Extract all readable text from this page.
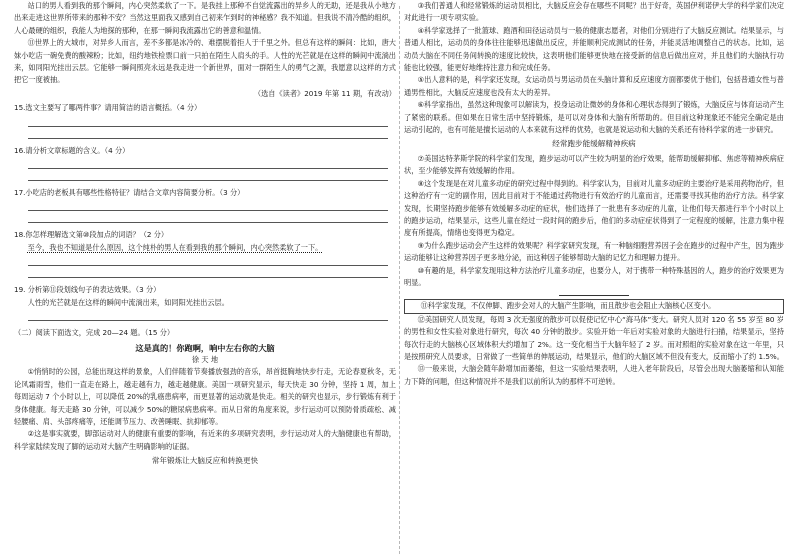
站口的男人看到我的那个瞬间，内心突然柔软了一下。是我挂上那种不自觉流露出的异乡人的无助，还是我从小地方出来走进这世界所带来的那种不安？当然这里面我又感到自己初来乍到时的神秘感？我不知道。但我说不清冷酷的组织，人心最硬的组织，我能人为地探的那种，在那一瞬间我流露出它的善意和温情。

⑪世界上的大城市，对异乡人而言，差不多都是冰冷的、难摆脱着拒人于千里之外。但总有这样的瞬间：比如，唐大妹小吃店一碗免费的酸辣粉；比如，纽约地铁检票口前一只拍在陌生人肩头的手。人性的光芒就是在这样的瞬间中流淌出来，如同阳光挂出云层。它能够一瞬间照亮永远是我走进一个新世界，面对一群陌生人的勇气之源，我愿意以这样的方式把它一度被抽。

（选自《读者》2019 年第 11 期，有改动）

15.选文主要写了哪两件事？请用简洁的语言概括。（4 分）

16.请分析文章标题的含义。（4 分）

17.小吃店的老板具有哪些性格特征？请结合文章内容简要分析。（3 分）

18.你怎样理解选文第⑩段加点的词语？（2 分）

至今，我也不知道是什么原因，这个纯朴的男人在看到我的那个瞬间，内心突然柔软了一下。

19. 分析第⑪段划线句子的表达效果。（3 分）

人性的光芒就是在这样的瞬间中流淌出来，如同阳光挂出云层。

（二）阅读下面选文，完成 20—24 题。（15 分）

这是真的！你跑啊，响中左右你的大脑

徐 天 地

①悄悄时的公园，总能出现这样的景象，人们伴随着节奏播放强劲的音乐，昂首挺胸地快步行走，无论春夏秋冬，无论风霜雨雪，他们一直走在路上，越走越有力，越走越健康。美国一项研究显示，每天快走 30 分钟，坚持 1 周，加上每周运动 7 个小时以上，可以降低 20%的乳癌患病率，而更显著的运动就是快走。相关的研究也显示，步行锻炼有利于身体健康。每天走路 30 分钟，可以减少 50%的糖尿病患病率。而从日常的角度来说，步行运动可以预防骨质疏松、减轻腰痛、肩、头部疼痛等，还能调节压力、改善睡眠、抗抑郁等。

②这是事实就要，脚部运动对人的健康有重要的影响，有近来的多项研究表明，步行运动对人的大脑健康也有帮助，科学家陆续发现了脚的运动对大脑产生明确影响的证据。

常年锻炼让大脑反应和转换更快

③我们普通人和经常锻炼的运动员相比，大脑反应会存在哪些不同呢？出于好奇，英国伊利诺伊大学的科学家们决定对此进行一项专项实验。

④科学家选择了一批篮球、跑酒和田径运动员与一般的健康志愿者，对他们分别进行了大脑反应测试。结果显示，与普通人相比，运动员的身体往往能够迅速做出反应，并能顺利完成测试的任务，并能灵活地调整自己的状态。比如，运动员大脑在不同任务间转换的速度比较快，这表明他们能够更快地在接受新的信息后做出应对，并且他们的大脑执行功能也比较强，能更好地维持注意力和完成任务。

⑤出人意料的是，科学家还发现，女运动员与男运动员在头脑计算和反应速度方面都要优于他们，包括普通女性与普通男性相比，大脑反应速度也没有太大的差异。

⑥科学家指出，虽然这种现象可以解读为，投身运动让微妙的身体和心理状态得到了锻炼，大脑反应与体育运动产生了紧密的联系。但如果在日常生活中坚持锻炼，是可以对身体和大脑有所帮助的。但目前这种现象还不能完全确定是由运动引起的，也有可能是擅长运动的人本来就有这样的优势，也就是说运动和大脑的关系还有待科学家的进一步研究。

经常跑步能缓解精神疾病

⑦美国达特茅斯学院的科学家们发现，跑步运动可以产生较为明显的治疗效果，能帮助缓解抑郁、焦虑等精神疾病症状，至少能够发挥有效缓解的作用。

⑧这个发现是在对儿童多动症的研究过程中得到的。科学家认为，目前对儿童多动症的主要治疗是采用药物治疗，但这种治疗有一定的副作用，因此目前对于不能通过药物进行有效治疗的儿童而言，还需要寻找其他的治疗方法。科学家发现，长期坚持跑步能够有效缓解多动症的症状，他们选择了一批患有多动症的儿童，让他们每天都进行半个小时以上的跑步运动，结果显示，这些儿童在经过一段时间的跑步后，他们的多动症症状得到了一定程度的缓解，注意力集中程度有所提高，情绪也变得更为稳定。

⑨为什么跑步运动会产生这样的效果呢？科学家研究发现，有一种脑细胞营养因子会在跑步的过程中产生，因为跑步运动能够让这种营养因子更多地分泌，而这种因子能够帮助大脑的记忆力和理解力提升。

⑩有趣的是，科学家发现用这种方法治疗儿童多动症，也要分人，对于携带一种特殊基因的人，跑步的治疗效果更为明显。

⑪科学家发现，不仅伸脚、跑步会对人的大脑产生影响，而且散步也会阻止大脑核心区变小。

⑫美国研究人员发现，每周 3 次无强度的散步可以促使记忆中心“海马体”变大。研究人员对 120 名 55 岁至 80 岁的男性和女性实验对象进行研究，每次 40 分钟的散步。实验开始一年后对实验对象的大脑进行扫描，结果显示，坚持每次行走的大脑核心区域体积大约增加了 2%。这一变化相当于大脑年轻了 2 岁。而对照组的实验对象在这一年里，只是按照研究人员要求，日常做了一些简单的伸展运动，结果显示，他们的大脑区域不但没有变大，反而缩小了约 1.5%。

⑬一般来说，大脑会随年龄增加而萎缩，但这一实验结果表明，人进入老年阶段后，尽管会出现大脑萎缩和认知能力下降的问题，但这种情况并不是我们以前所认为的那样不可逆转。
